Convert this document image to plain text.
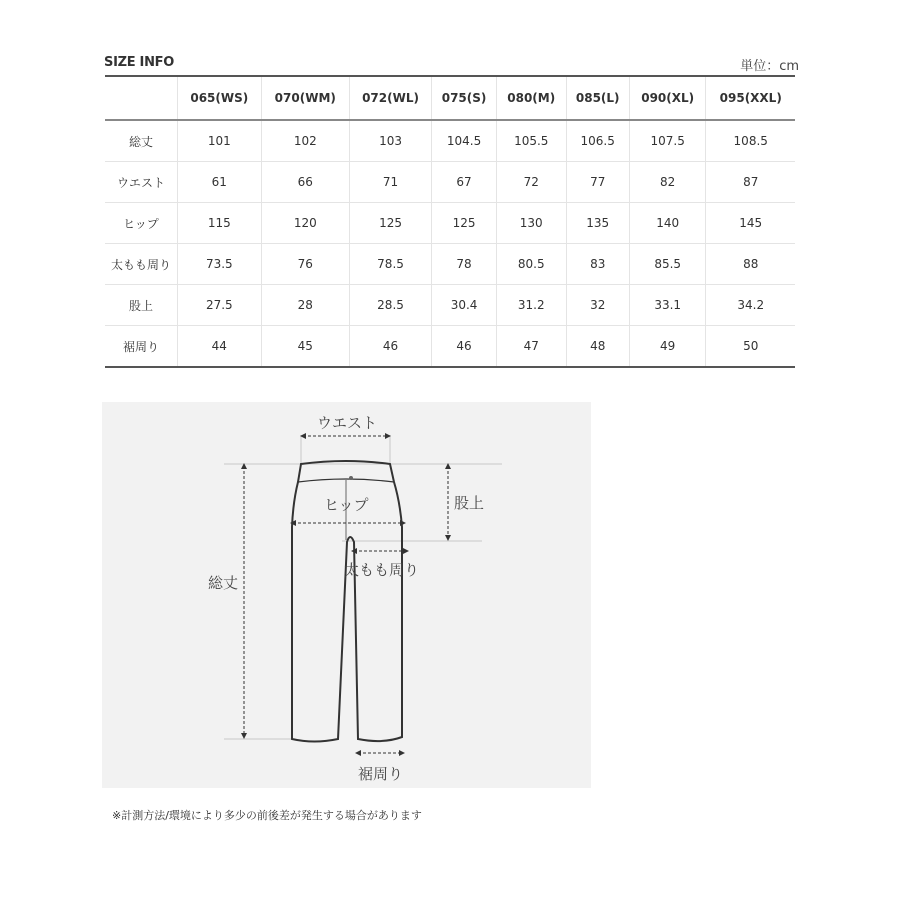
SIZE INFO	単位：cm
	065(WS)	070(WM)	072(WL)	075(S)	080(M)	085(L)	090(XL)	095(XXL)
総丈	101	102	103	104.5	105.5	106.5	107.5	108.5
ウエスト	61	66	71	67	72	77	82	87
ヒップ	115	120	125	125	130	135	140	145
太もも周り	73.5	76	78.5	78	80.5	83	85.5	88
股上	27.5	28	28.5	30.4	31.2	32	33.1	34.2
裾周り	44	45	46	46	47	48	49	50
ウエスト
ヒップ	股上
太もも周り
総丈
裾周り
※計測方法/環境により多少の前後差が発生する場合があります
